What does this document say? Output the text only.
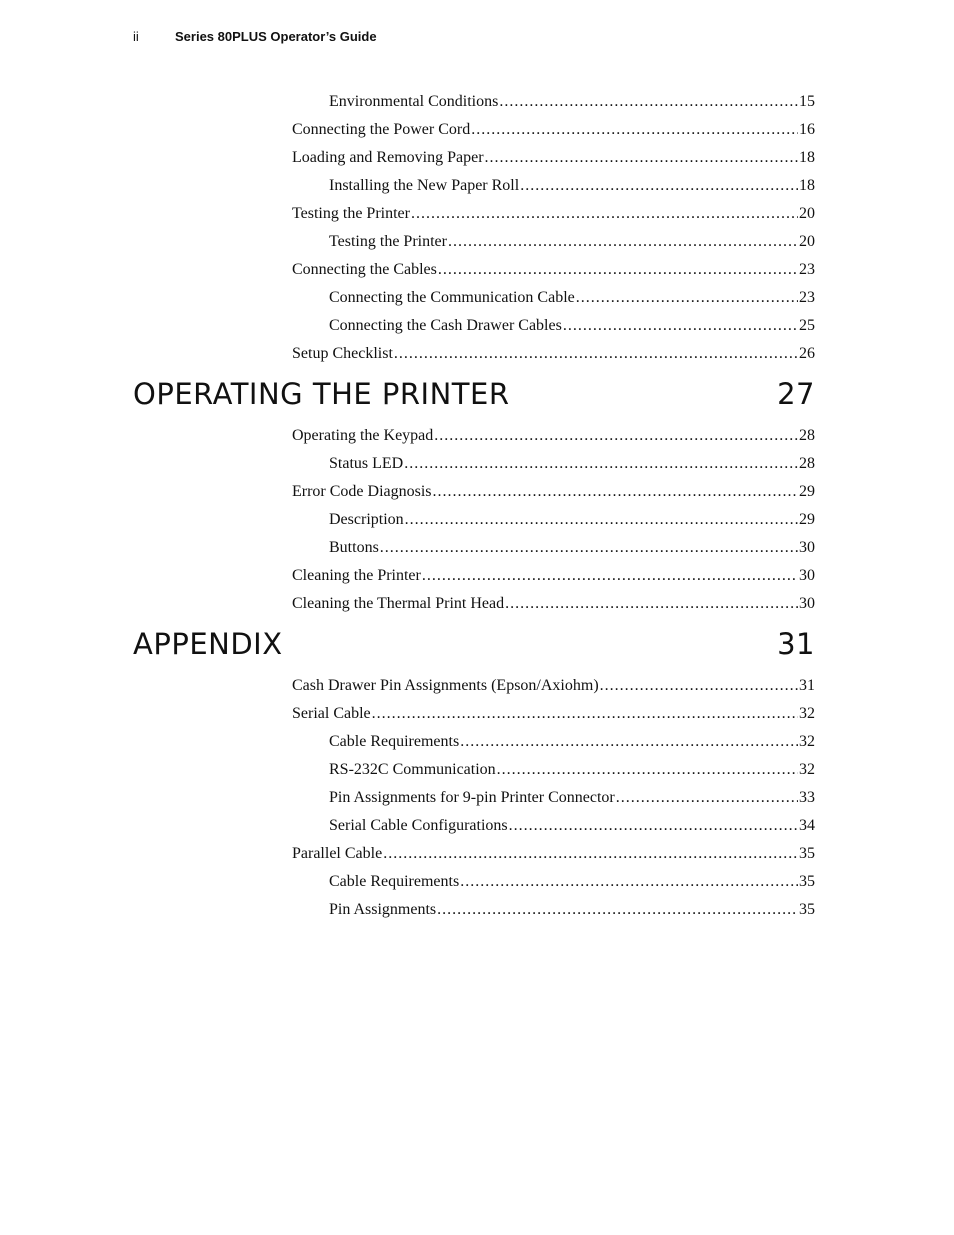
ii	Series 80PLUS Operator’s Guide
Environmental Conditions .....	15
Connecting the Power Cord .....	16
Loading and Removing Paper .....	18
Installing the New Paper Roll .....	18
Testing the Printer .....	20
Testing the Printer .....	20
Connecting the Cables .....	23
Connecting the Communication Cable .....	23
Connecting the Cash Drawer Cables .....	25
Setup Checklist .....	26
OPERATING THE PRINTER	27
Operating the Keypad .....	28
Status LED .....	28
Error Code Diagnosis .....	29
Description .....	29
Buttons .....	30
Cleaning the Printer .....	30
Cleaning the Thermal Print Head .....	30
APPENDIX	31
Cash Drawer Pin Assignments (Epson/Axiohm) .....	31
Serial Cable .....	32
Cable Requirements .....	32
RS-232C Communication .....	32
Pin Assignments for 9-pin Printer Connector .....	33
Serial Cable Configurations .....	34
Parallel Cable .....	35
Cable Requirements .....	35
Pin Assignments .....	35
